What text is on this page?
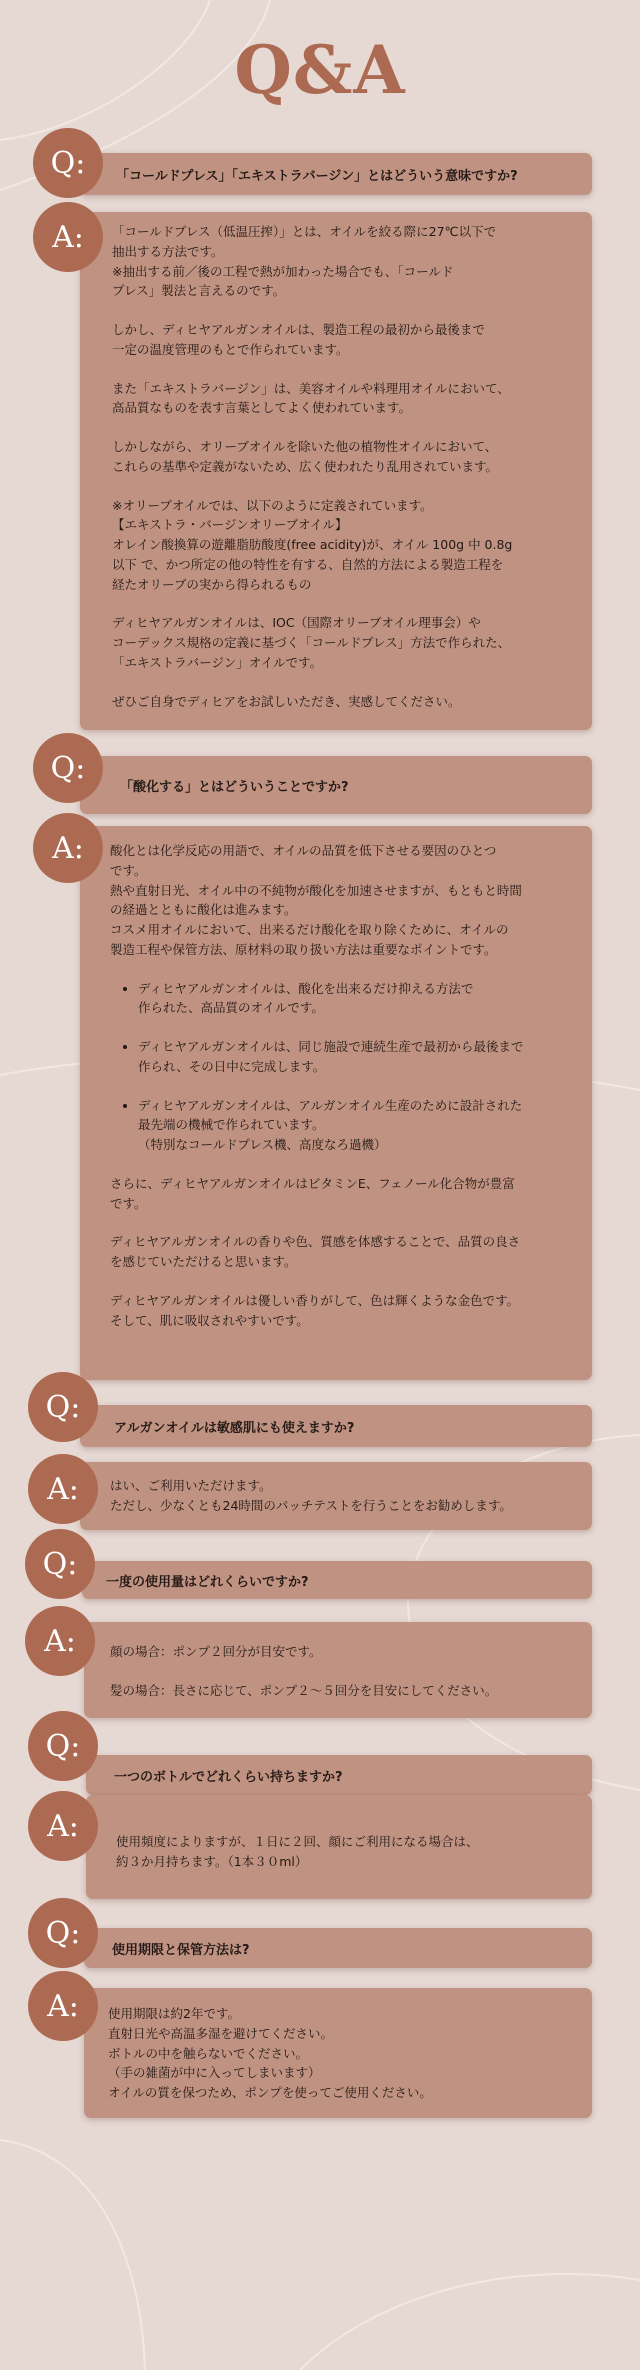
Q&A
Q:	「コールドプレス」「エキストラバージン」とはどういう意味ですか?
A:	「コールドプレス（低温圧搾）」とは、オイルを絞る際に27℃以下で
抽出する方法です。
※抽出する前／後の工程で熱が加わった場合でも、「コールド
プレス」製法と言えるのです。

しかし、ディヒヤアルガンオイルは、製造工程の最初から最後まで
一定の温度管理のもとで作られています。

また「エキストラバージン」は、美容オイルや料理用オイルにおいて、
高品質なものを表す言葉としてよく使われています。

しかしながら、オリーブオイルを除いた他の植物性オイルにおいて、
これらの基準や定義がないため、広く使われたり乱用されています。

※オリーブオイルでは、以下のように定義されています。
【エキストラ・バージンオリーブオイル】
オレイン酸換算の遊離脂肪酸度(free acidity)が、オイル 100g 中 0.8g
以下 で、かつ所定の他の特性を有する、自然的方法による製造工程を
経たオリーブの実から得られるもの

ディヒヤアルガンオイルは、IOC（国際オリーブオイル理事会）や
コーデックス規格の定義に基づく「コールドプレス」方法で作られた、
「エキストラバージン」オイルです。

ぜひご自身でディヒアをお試しいただき、実感してください。

Q:
「酸化する」とはどういうことですか?
A:	酸化とは化学反応の用語で、オイルの品質を低下させる要因のひとつ
です。
熱や直射日光、オイル中の不純物が酸化を加速させますが、もともと時間
の経過とともに酸化は進みます。
コスメ用オイルにおいて、出来るだけ酸化を取り除くために、オイルの
製造工程や保管方法、原材料の取り扱い方法は重要なポイントです。

• ディヒヤアルガンオイルは、酸化を出来るだけ抑える方法で
作られた、高品質のオイルです。
• ディヒヤアルガンオイルは、同じ施設で連続生産で最初から最後まで
作られ、その日中に完成します。
• ディヒヤアルガンオイルは、アルガンオイル生産のために設計された
最先端の機械で作られています。
（特別なコールドプレス機、高度なろ過機）

さらに、ディヒヤアルガンオイルはビタミンE、フェノール化合物が豊富
です。

ディヒヤアルガンオイルの香りや色、質感を体感することで、品質の良さ
を感じていただけると思います。

ディヒヤアルガンオイルは優しい香りがして、色は輝くような金色です。
そして、肌に吸収されやすいです。

Q:
アルガンオイルは敏感肌にも使えますか?
A:	はい、ご利用いただけます。
ただし、少なくとも24時間のパッチテストを行うことをお勧めします。

Q:
一度の使用量はどれくらいですか?
A:	顔の場合：ポンプ２回分が目安です。

髪の場合：長さに応じて、ポンプ２～５回分を目安にしてください。

Q:
一つのボトルでどれくらい持ちますか?
A:	使用頻度によりますが、１日に２回、顔にご利用になる場合は、
約３か月持ちます。（1本３０ml）

Q:	使用期限と保管方法は?
A:	使用期限は約2年です。
直射日光や高温多湿を避けてください。
ボトルの中を触らないでください。
（手の雑菌が中に入ってしまいます）
オイルの質を保つため、ポンプを使ってご使用ください。
